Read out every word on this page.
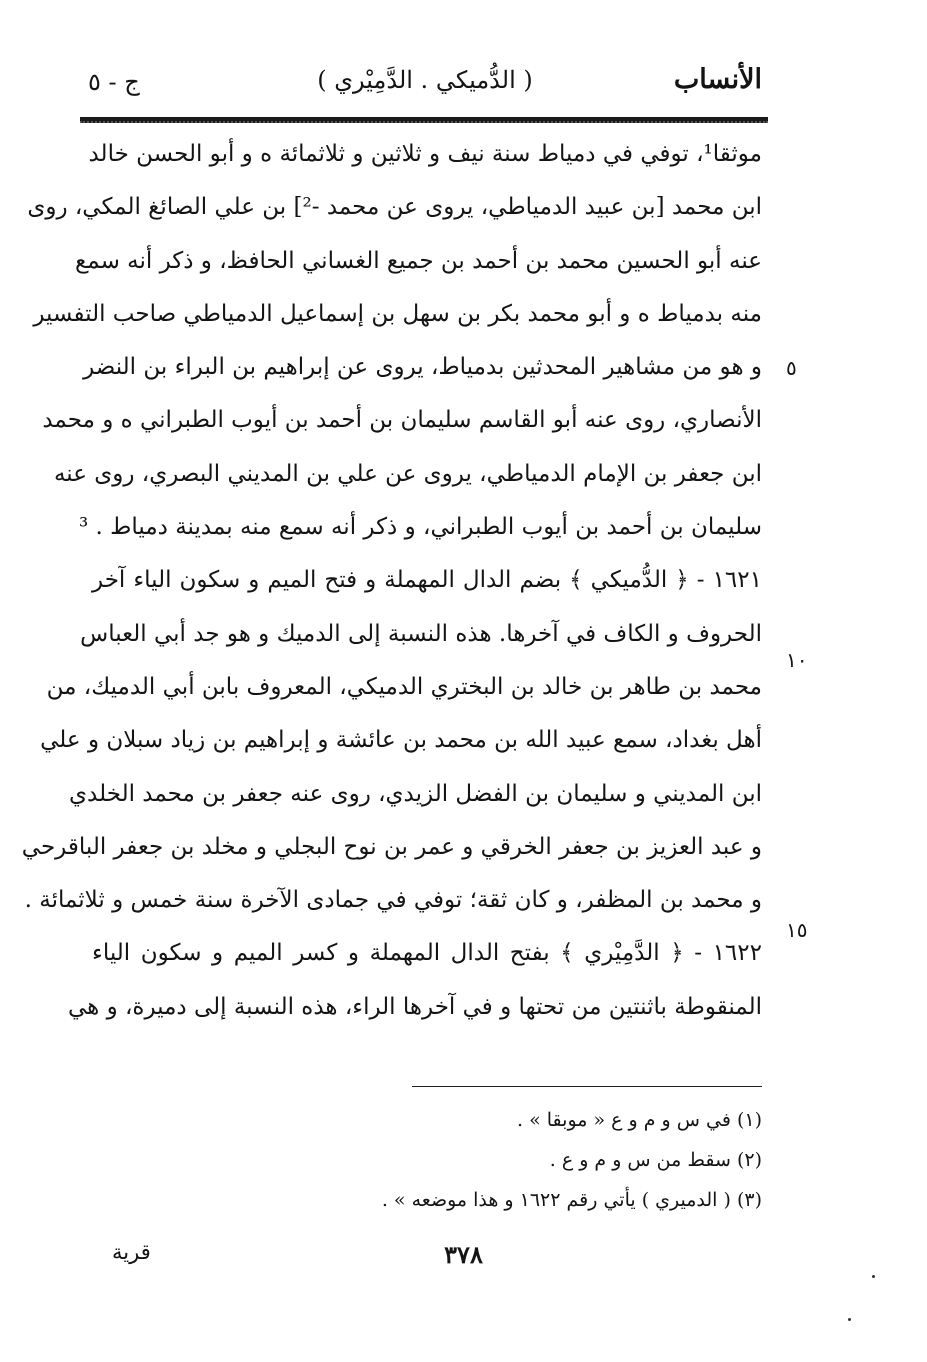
الأنساب
( الدُّميكي . الدَّمِيْري )
ج - ٥
موثقا¹، توفي في دمياط سنة نيف و ثلاثين و ثلاثمائة ه و أبو الحسن خالد
ابن محمد [بن عبيد الدمياطي، يروى عن محمد -²] بن علي الصائغ المكي، روى
عنه أبو الحسين محمد بن أحمد بن جميع الغساني الحافظ، و ذكر أنه سمع
منه بدمياط ه و أبو محمد بكر بن سهل بن إسماعيل الدمياطي صاحب التفسير
و هو من مشاهير المحدثين بدمياط، يروى عن إبراهيم بن البراء بن النضر
الأنصاري، روى عنه أبو القاسم سليمان بن أحمد بن أيوب الطبراني ه و محمد
ابن جعفر بن الإمام الدمياطي، يروى عن علي بن المديني البصري، روى عنه
سليمان بن أحمد بن أيوب الطبراني، و ذكر أنه سمع منه بمدينة دمياط . ³
١٦٢١ - ﴿ الدُّميكي ﴾ بضم الدال المهملة و فتح الميم و سكون الياء آخر
الحروف و الكاف في آخرها. هذه النسبة إلى الدميك و هو جد أبي العباس
محمد بن طاهر بن خالد بن البختري الدميكي، المعروف بابن أبي الدميك، من
أهل بغداد، سمع عبيد الله بن محمد بن عائشة و إبراهيم بن زياد سبلان و علي
ابن المديني و سليمان بن الفضل الزيدي، روى عنه جعفر بن محمد الخلدي
و عبد العزيز بن جعفر الخرقي و عمر بن نوح البجلي و مخلد بن جعفر الباقرحي
و محمد بن المظفر، و كان ثقة؛ توفي في جمادى الآخرة سنة خمس و ثلاثمائة .
١٦٢٢ - ﴿ الدَّمِيْري ﴾ بفتح الدال المهملة و كسر الميم و سكون الياء
المنقوطة باثنتين من تحتها و في آخرها الراء، هذه النسبة إلى دميرة، و هي
٥
١٠
١٥
(١) في س و م و ع « موبقا » .
(٢) سقط من س و م و ع .
(٣) ( الدميري ) يأتي رقم ١٦٢٢ و هذا موضعه » .
٣٧٨
قرية
